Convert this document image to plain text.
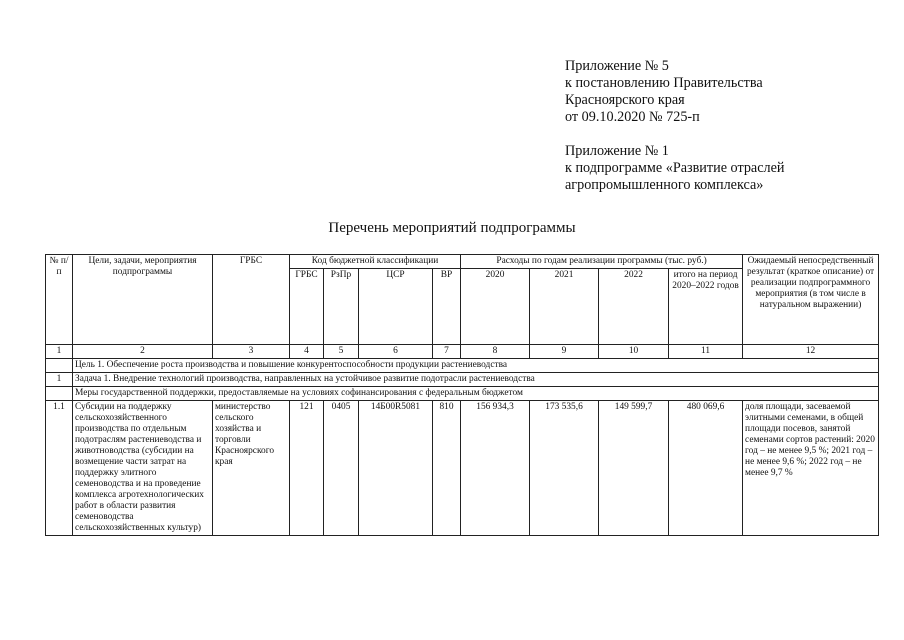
Приложение № 5
к постановлению Правительства
Красноярского края
от 09.10.2020 № 725-п
Приложение № 1
к подпрограмме «Развитие отраслей
агропромышленного комплекса»
Перечень мероприятий подпрограммы
№ п/п	Цели, задачи, мероприятия подпрограммы	ГРБС	Код бюджетной классификации				Расходы по годам реализации программы (тыс. руб.)				Ожидаемый непосредственный результат (краткое описание) от реализации подпрограммного мероприятия (в том числе в натуральном выражении)
			ГРБС	РзПр	ЦСР	ВР	2020	2021	2022	итого на период 2020–2022 годов	
1	2	3	4	5	6	7	8	9	10	11	12
	Цель 1. Обеспечение роста производства и повышение конкурентоспособности продукции растениеводства										
1	Задача 1. Внедрение технологий производства, направленных на устойчивое развитие подотрасли растениеводства										
	Меры государственной поддержки, предоставляемые на условиях софинансирования с федеральным бюджетом										
1.1	Субсидии на поддержку сельскохозяйственного производства по отдельным подотраслям растениеводства и животноводства (субсидии на возмещение части затрат на поддержку элитного семеноводства и на проведение комплекса агротехнологических работ в области развития семеноводства сельскохозяйственных культур)	министерство сельского хозяйства и торговли Красноярского края	121	0405	14Б00R5081	810	156 934,3	173 535,6	149 599,7	480 069,6	доля площади, засеваемой элитными семенами, в общей площади посевов, занятой семенами сортов растений: 2020 год – не менее 9,5 %; 2021 год – не менее 9,6 %; 2022 год – не менее 9,7 %
